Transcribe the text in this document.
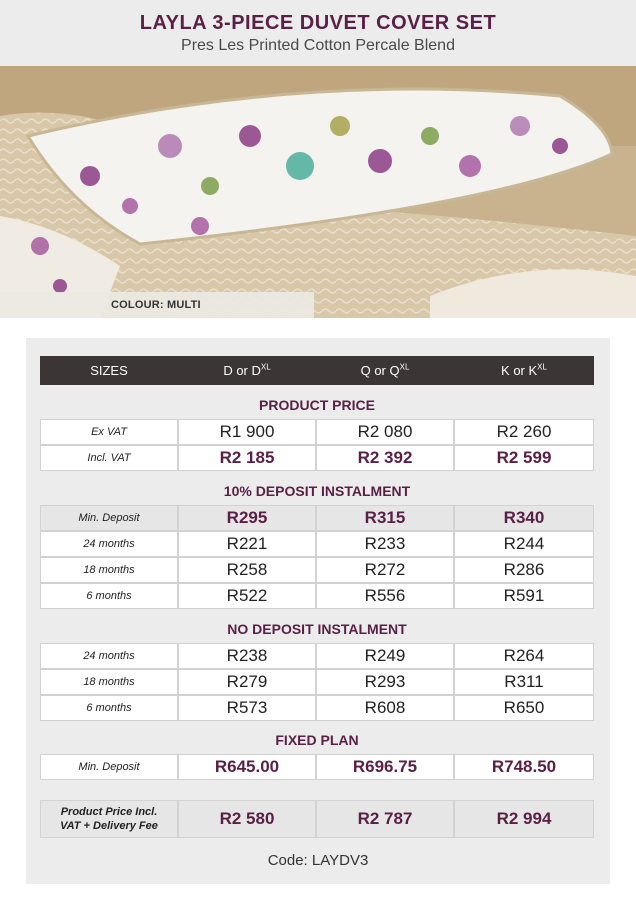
LAYLA 3-PIECE DUVET COVER SET
Pres Les Printed Cotton Percale Blend
COLOUR: MULTI
SIZES	D or $D^{XL}$	Q or $Q^{XL}$	K or $K^{XL}$
PRODUCT PRICE
Ex VAT	R1 900	R2 080	R2 260
Incl. VAT	R2 185	R2 392	R2 599
10% DEPOSIT INSTALMENT
Min. Deposit	R295	R315	R340
24 months	R221	R233	R244
18 months	R258	R272	R286
6 months	R522	R556	R591
NO DEPOSIT INSTALMENT
24 months	R238	R249	R264
18 months	R279	R293	R311
6 months	R573	R608	R650
FIXED PLAN
Min. Deposit	R645.00	R696.75	R748.50
Product Price Incl.
VAT + Delivery Fee	R2 580	R2 787	R2 994
Code: LAYDV3
